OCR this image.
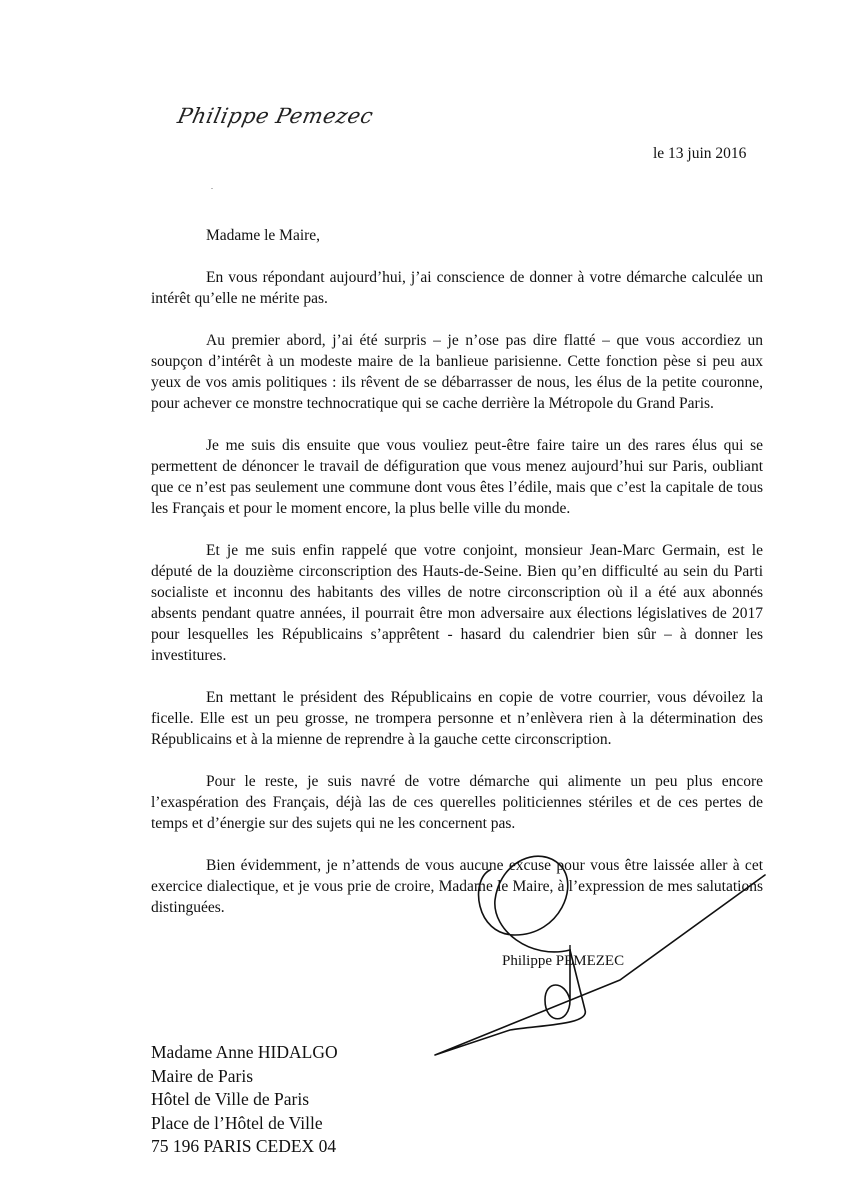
Philippe Pemezec
le 13 juin 2016
Madame le Maire,

En vous répondant aujourd’hui, j’ai conscience de donner à votre démarche calculée un intérêt qu’elle ne mérite pas.

Au premier abord, j’ai été surpris – je n’ose pas dire flatté – que vous accordiez un soupçon d’intérêt à un modeste maire de la banlieue parisienne. Cette fonction pèse si peu aux yeux de vos amis politiques : ils rêvent de se débarrasser de nous, les élus de la petite couronne, pour achever ce monstre technocratique qui se cache derrière la Métropole du Grand Paris.

Je me suis dis ensuite que vous vouliez peut-être faire taire un des rares élus qui se permettent de dénoncer le travail de défiguration que vous menez aujourd’hui sur Paris, oubliant que ce n’est pas seulement une commune dont vous êtes l’édile, mais que c’est la capitale de tous les Français et pour le moment encore, la plus belle ville du monde.

Et je me suis enfin rappelé que votre conjoint, monsieur Jean-Marc Germain, est le député de la douzième circonscription des Hauts-de-Seine. Bien qu’en difficulté au sein du Parti socialiste et inconnu des habitants des villes de notre circonscription où il a été aux abonnés absents pendant quatre années, il pourrait être mon adversaire aux élections législatives de 2017 pour lesquelles les Républicains s’apprêtent - hasard du calendrier bien sûr – à donner les investitures.

En mettant le président des Républicains en copie de votre courrier, vous dévoilez la ficelle. Elle est un peu grosse, ne trompera personne et n’enlèvera rien à la détermination des Républicains et à la mienne de reprendre à la gauche cette circonscription.

Pour le reste, je suis navré de votre démarche qui alimente un peu plus encore l’exaspération des Français, déjà las de ces querelles politiciennes stériles et de ces pertes de temps et d’énergie sur des sujets qui ne les concernent pas.

Bien évidemment, je n’attends de vous aucune excuse pour vous être laissée aller à cet exercice dialectique, et je vous prie de croire, Madame le Maire, à l’expression de mes salutations distinguées.

Philippe PEMEZEC
Madame Anne HIDALGO
Maire de Paris
Hôtel de Ville de Paris
Place de l’Hôtel de Ville
75 196 PARIS CEDEX 04
